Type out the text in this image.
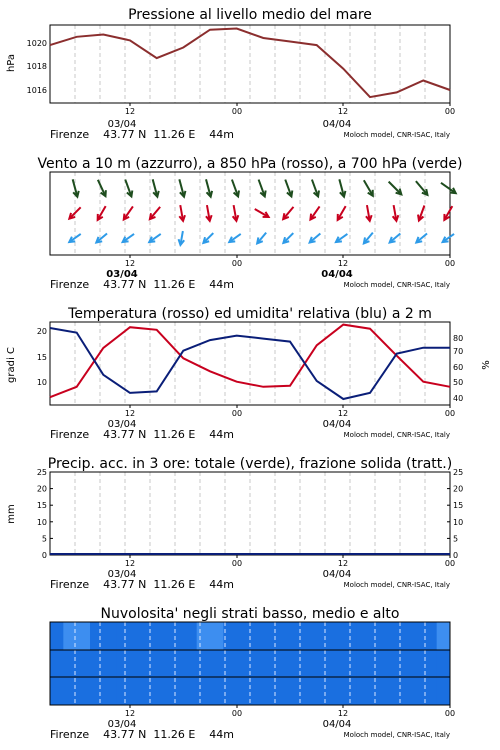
Pressione al livello medio del mare
hPa
1020
1018
1016
12	00	12	00
03/04	04/04
Firenze    43.77 N  11.26 E    44m	Moloch model, CNR-ISAC, Italy
Vento a 10 m (azzurro), a 850 hPa (rosso), a 700 hPa (verde)
12	00	12	00
03/04	04/04
Firenze    43.77 N  11.26 E    44m	Moloch model, CNR-ISAC, Italy
Temperatura (rosso) ed umidita' relativa (blu) a 2 m
gradi C	%
20
15
10
80
70
60
50
40
12	00	12	00
03/04	04/04
Firenze    43.77 N  11.26 E    44m	Moloch model, CNR-ISAC, Italy
Precip. acc. in 3 ore: totale (verde), frazione solida (tratt.)
mm
25	25
20	20
15	15
10	10
5	5
0	0
12	00	12	00
03/04	04/04
Firenze    43.77 N  11.26 E    44m	Moloch model, CNR-ISAC, Italy
Nuvolosita' negli strati basso, medio e alto
12	00	12	00
03/04	04/04
Firenze    43.77 N  11.26 E    44m	Moloch model, CNR-ISAC, Italy
